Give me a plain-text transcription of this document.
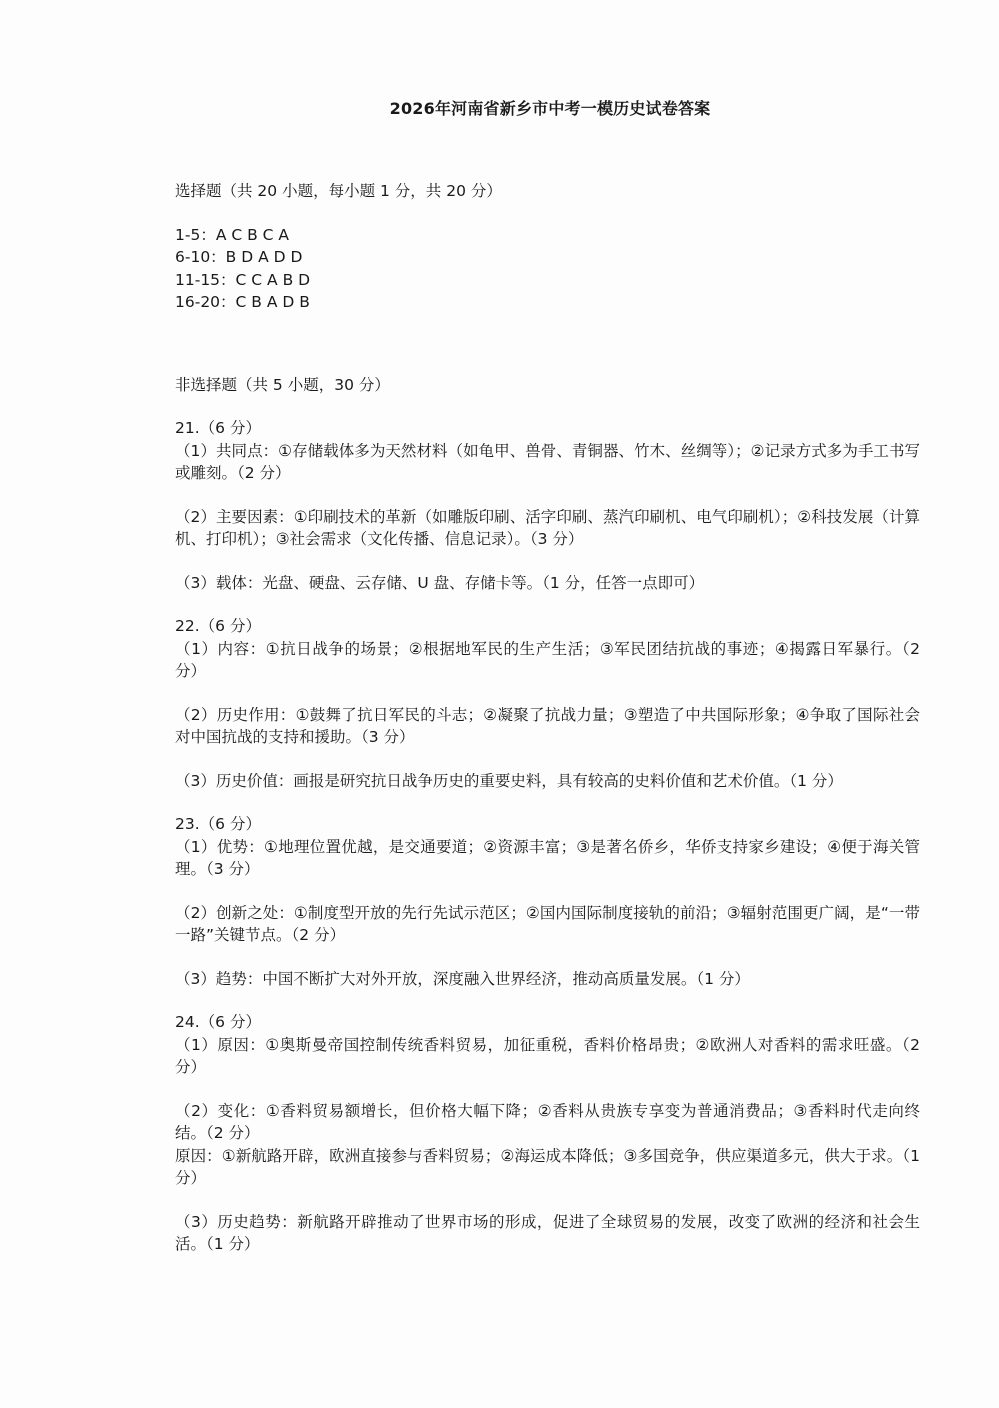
2026年河南省新乡市中考一模历史试卷答案

选择题（共 20 小题，每小题 1 分，共 20 分）

1-5：A C B C A

6-10：B D A D D

11-15：C C A B D

16-20：C B A D B

非选择题（共 5 小题，30 分）

21.（6 分）

（1）共同点：①存储载体多为天然材料（如龟甲、兽骨、青铜器、竹木、丝绸等）；②记录方式多为手工书写或雕刻。（2 分）

（2）主要因素：①印刷技术的革新（如雕版印刷、活字印刷、蒸汽印刷机、电气印刷机）；②科技发展（计算机、打印机）；③社会需求（文化传播、信息记录）。（3 分）

（3）载体：光盘、硬盘、云存储、U 盘、存储卡等。（1 分，任答一点即可）

22.（6 分）

（1）内容：①抗日战争的场景；②根据地军民的生产生活；③军民团结抗战的事迹；④揭露日军暴行。（2 分）

（2）历史作用：①鼓舞了抗日军民的斗志；②凝聚了抗战力量；③塑造了中共国际形象；④争取了国际社会对中国抗战的支持和援助。（3 分）

（3）历史价值：画报是研究抗日战争历史的重要史料，具有较高的史料价值和艺术价值。（1 分）

23.（6 分）

（1）优势：①地理位置优越，是交通要道；②资源丰富；③是著名侨乡，华侨支持家乡建设；④便于海关管理。（3 分）

（2）创新之处：①制度型开放的先行先试示范区；②国内国际制度接轨的前沿；③辐射范围更广阔，是“一带一路”关键节点。（2 分）

（3）趋势：中国不断扩大对外开放，深度融入世界经济，推动高质量发展。（1 分）

24.（6 分）

（1）原因：①奥斯曼帝国控制传统香料贸易，加征重税，香料价格昂贵；②欧洲人对香料的需求旺盛。（2 分）

（2）变化：①香料贸易额增长，但价格大幅下降；②香料从贵族专享变为普通消费品；③香料时代走向终结。（2 分）

原因：①新航路开辟，欧洲直接参与香料贸易；②海运成本降低；③多国竞争，供应渠道多元，供大于求。（1 分）

（3）历史趋势：新航路开辟推动了世界市场的形成，促进了全球贸易的发展，改变了欧洲的经济和社会生活。（1 分）
